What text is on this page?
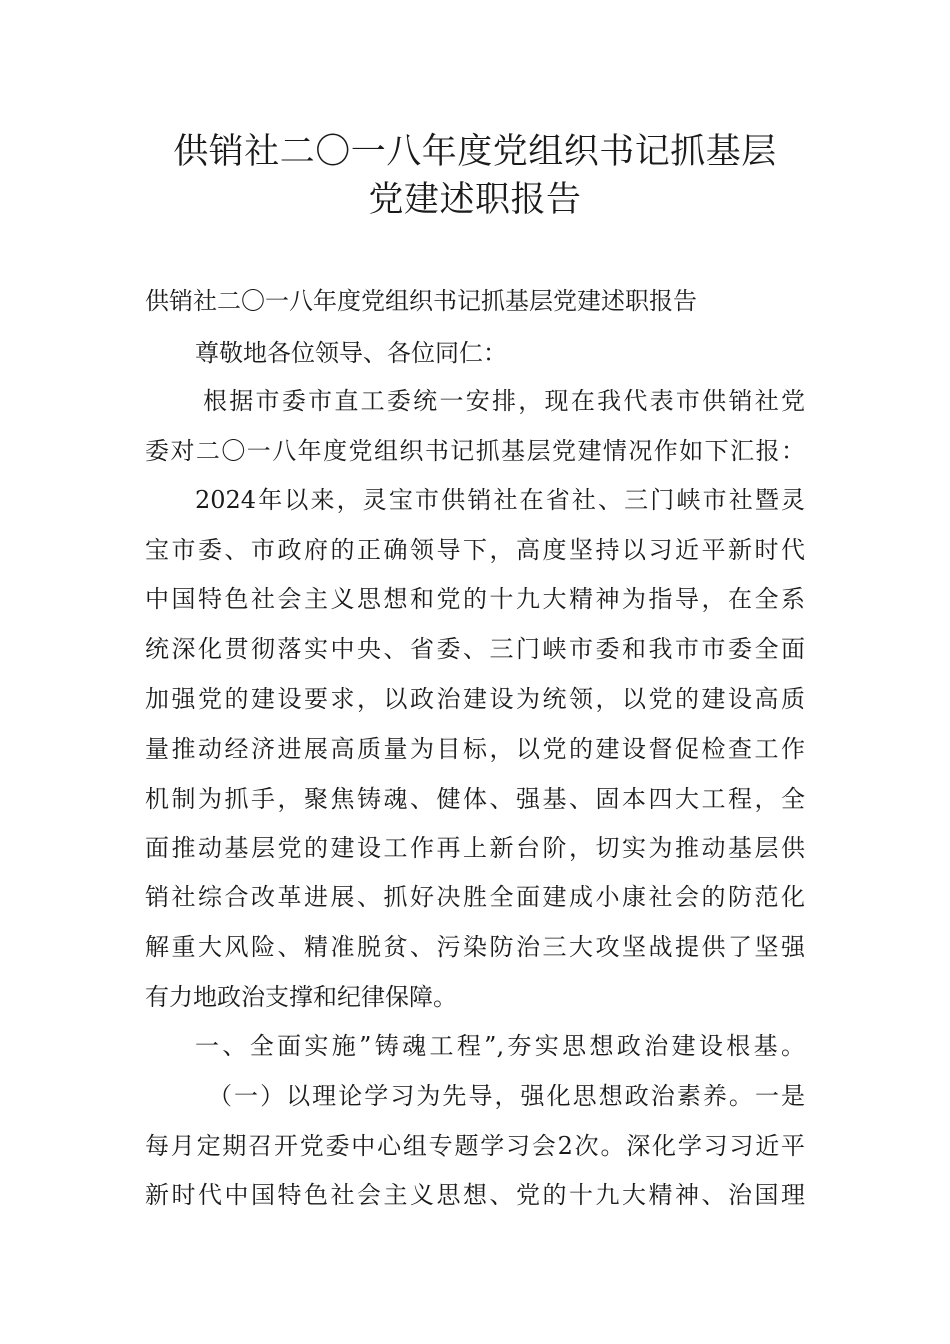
供销社二〇一八年度党组织书记抓基层
党建述职报告
供销社二〇一八年度党组织书记抓基层党建述职报告
尊敬地各位领导、各位同仁：
根据市委市直工委统一安排，现在我代表市供销社党
委对二〇一八年度党组织书记抓基层党建情况作如下汇报：
2024年以来，灵宝市供销社在省社、三门峡市社暨灵
宝市委、市政府的正确领导下，高度坚持以习近平新时代
中国特色社会主义思想和党的十九大精神为指导，在全系
统深化贯彻落实中央、省委、三门峡市委和我市市委全面
加强党的建设要求，以政治建设为统领，以党的建设高质
量推动经济进展高质量为目标，以党的建设督促检查工作
机制为抓手，聚焦铸魂、健体、强基、固本四大工程，全
面推动基层党的建设工作再上新台阶，切实为推动基层供
销社综合改革进展、抓好决胜全面建成小康社会的防范化
解重大风险、精准脱贫、污染防治三大攻坚战提供了坚强
有力地政治支撑和纪律保障。
一、全面实施”铸魂工程”,夯实思想政治建设根基。
（一）以理论学习为先导，强化思想政治素养。一是
每月定期召开党委中心组专题学习会2次。深化学习习近平
新时代中国特色社会主义思想、党的十九大精神、治国理
